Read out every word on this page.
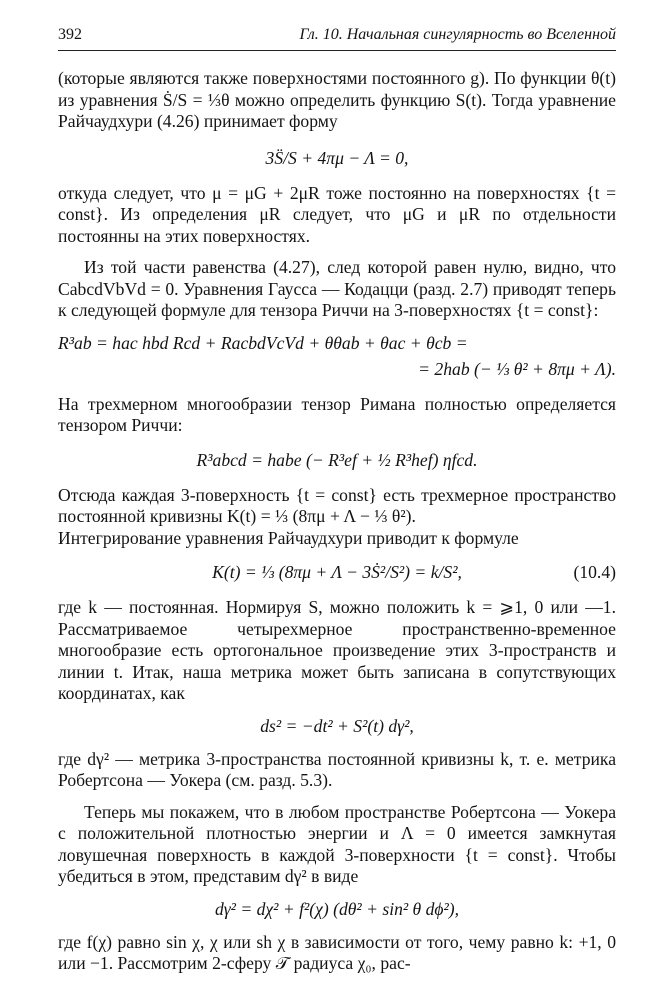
392	Гл. 10. Начальная сингулярность во Вселенной

(которые являются также поверхностями постоянного g). По функции θ(t) из уравнения Ṡ/S = ⅓θ можно определить функцию S(t). Тогда уравнение Райчаудхури (4.26) принимает форму

3S̈/S + 4πμ − Λ = 0,

откуда следует, что μ = μG + 2μR тоже постоянно на поверхностях {t = const}. Из определения μR следует, что μG и μR по отдельности постоянны на этих поверхностях.

Из той части равенства (4.27), след которой равен нулю, видно, что CabcdVbVd = 0. Уравнения Гаусса — Кодацци (разд. 2.7) приводят теперь к следующей формуле для тензора Риччи на 3-поверхностях {t = const}:

R³ab = hac hbd Rcd + RacbdVcVd + θθab + θac + θcb =
= 2hab (− ⅓ θ² + 8πμ + Λ).

На трехмерном многообразии тензор Римана полностью определяется тензором Риччи:

R³abcd = habe (− R³ef + ½ R³hef) ηfcd.

Отсюда каждая 3-поверхность {t = const} есть трехмерное пространство постоянной кривизны K(t) = ⅓ (8πμ + Λ − ⅓ θ²).

Интегрирование уравнения Райчаудхури приводит к формуле

K(t) = ⅓ (8πμ + Λ − 3Ṡ²/S²) = k/S²,	(10.4)

где k — постоянная. Нормируя S, можно положить k = ⩾1, 0 или —1. Рассматриваемое четырехмерное пространственно-временное многообразие есть ортогональное произведение этих 3-пространств и линии t. Итак, наша метрика может быть записана в сопутствующих координатах, как

ds² = −dt² + S²(t) dγ²,

где dγ² — метрика 3-пространства постоянной кривизны k, т. е. метрика Робертсона — Уокера (см. разд. 5.3).

Теперь мы покажем, что в любом пространстве Робертсона — Уокера с положительной плотностью энергии и Λ = 0 имеется замкнутая ловушечная поверхность в каждой 3-поверхности {t = const}. Чтобы убедиться в этом, представим dγ² в виде

dγ² = dχ² + f²(χ) (dθ² + sin² θ dϕ²),

где f(χ) равно sin χ, χ или sh χ в зависимости от того, чему равно k: +1, 0 или −1. Рассмотрим 2-сферу 𝒯 радиуса χ₀, рас-
